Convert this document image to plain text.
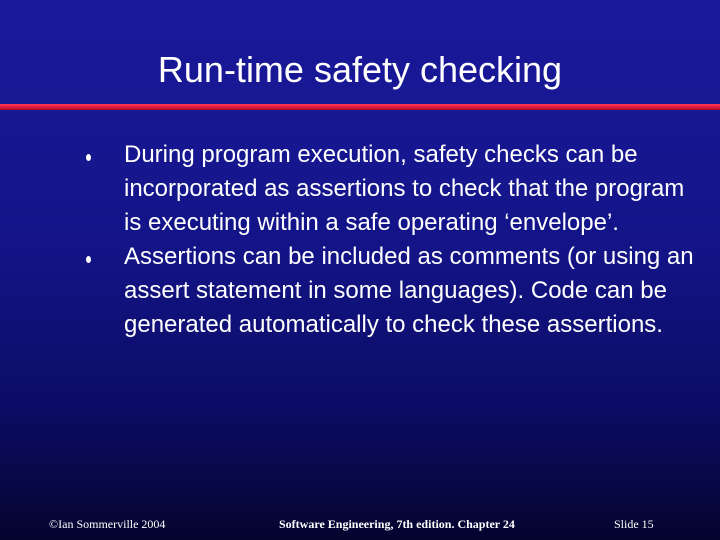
Run-time safety checking
During program execution, safety checks can be incorporated as assertions to check that the program is executing within a safe operating ‘envelope’.
Assertions can be included as comments (or using an assert statement in some languages). Code can be generated automatically to check these assertions.
©Ian Sommerville 2004	Software Engineering, 7th edition. Chapter 24	Slide 15
